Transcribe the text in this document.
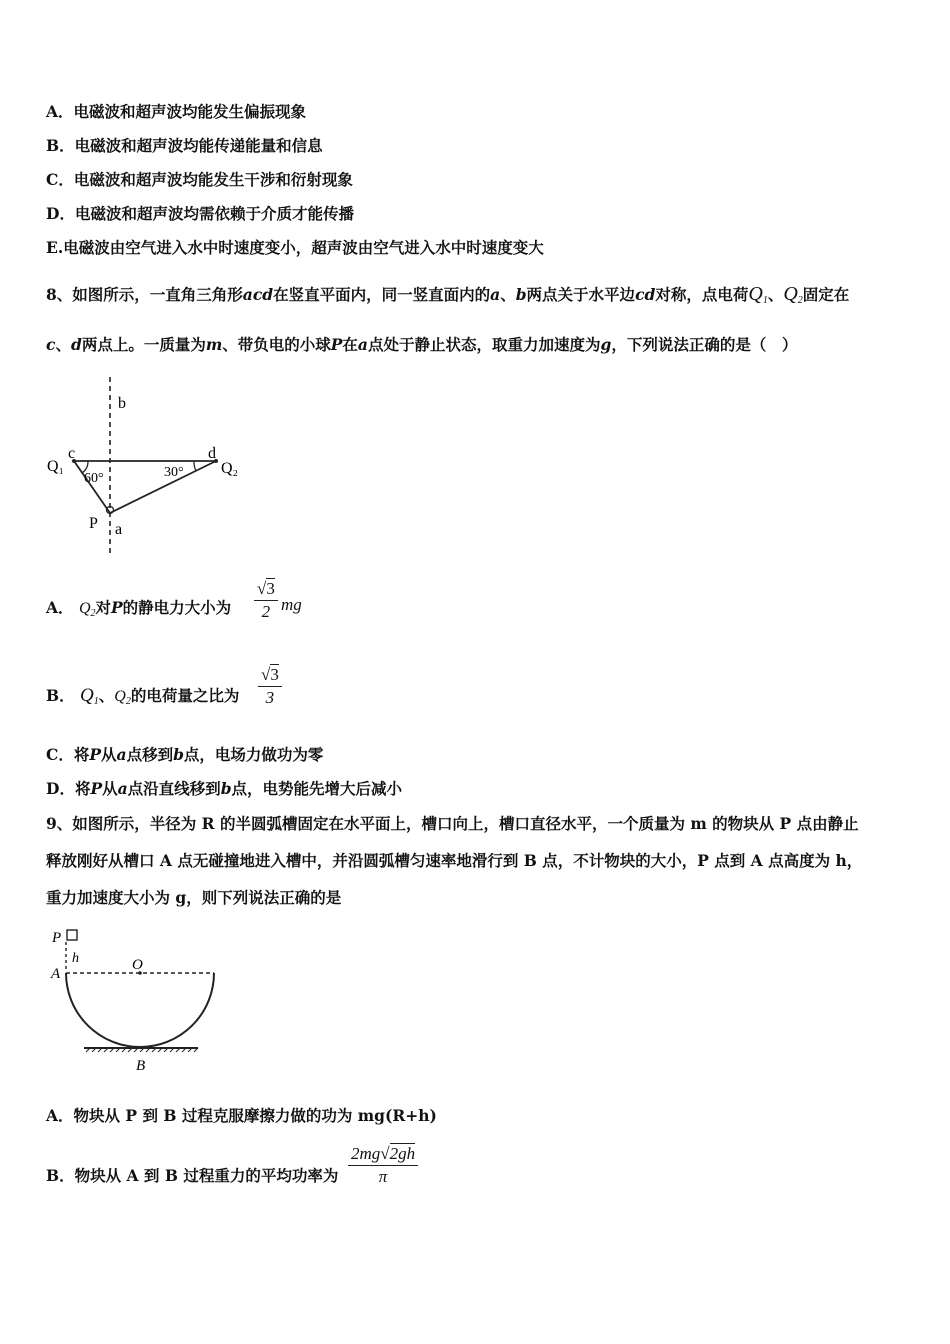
A．电磁波和超声波均能发生偏振现象
B．电磁波和超声波均能传递能量和信息
C．电磁波和超声波均能发生干涉和衍射现象
D．电磁波和超声波均需依赖于介质才能传播
E.电磁波由空气进入水中时速度变小，超声波由空气进入水中时速度变大
8、如图所示，一直角三角形acd在竖直平面内，同一竖直面内的a、b两点关于水平边cd对称，点电荷$Q_1$、$Q_2$固定在
c、d两点上。一质量为m、带负电的小球P在a点处于静止状态，取重力加速度为g，下列说法正确的是（　）
b
c	d
Q₁	Q₂
60°	30°
P a
A． $Q_2$对P的静电力大小为 $\frac{√3}{2}$ mg
B． $Q_1$、$Q_2$的电荷量之比为 $\frac{√3}{3}$
C．将P从a点移到b点，电场力做功为零
D．将P从a点沿直线移到b点，电势能先增大后减小
9、如图所示，半径为 R 的半圆弧槽固定在水平面上，槽口向上，槽口直径水平，一个质量为 m 的物块从 P 点由静止
释放刚好从槽口 A 点无碰撞地进入槽中，并沿圆弧槽匀速率地滑行到 B 点，不计物块的大小，P 点到 A 点高度为 h，
重力加速度大小为 g，则下列说法正确的是
P
h
A
O
B
A．物块从 P 到 B 过程克服摩擦力做的功为 mg(R+h)
B．物块从 A 到 B 过程重力的平均功率为 $\frac{2mg√2gh}{\pi}$
